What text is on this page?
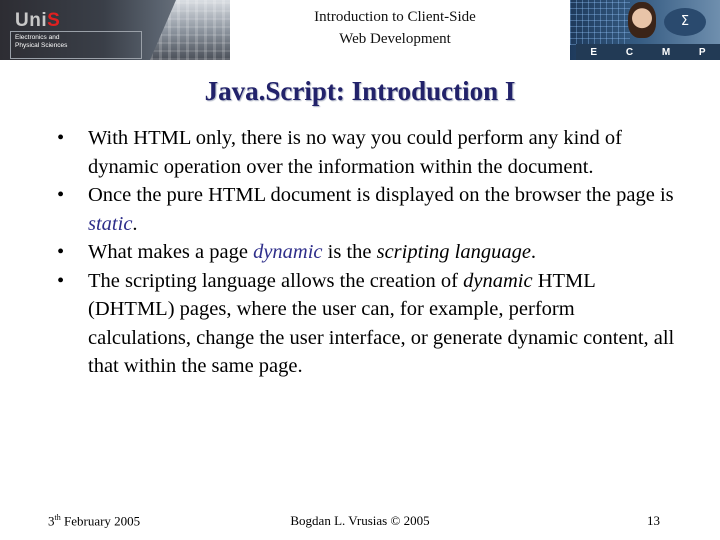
UniS
Electronics and
Physical Sciences
Introduction to Client-Side
Web Development
Σ
E	C	M	P
Java.Script: Introduction I
• With HTML only, there is no way you could perform any kind of dynamic operation over the information within the document.
• Once the pure HTML document is displayed on the browser the page is static.
• What makes a page dynamic is the scripting language.
• The scripting language allows the creation of dynamic HTML (DHTML) pages, where the user can, for example, perform calculations, change the user interface, or generate dynamic content, all that within the same page.
3th February 2005	Bogdan L. Vrusias © 2005	13
